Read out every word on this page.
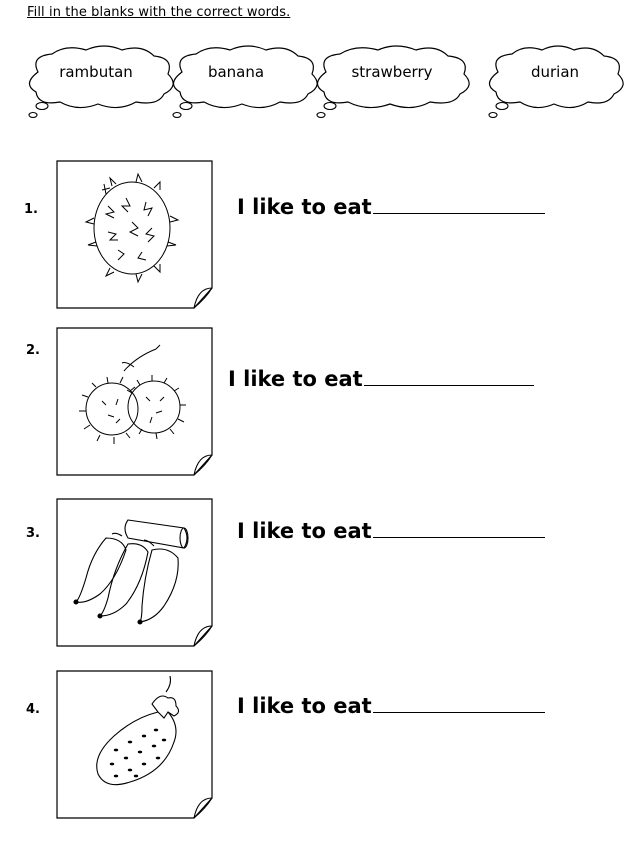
Fill in the blanks with the correct words.
rambutan	banana	strawberry	durian
1.	I like to eat
2.
I like to eat
3.	I like to eat
4.	I like to eat
